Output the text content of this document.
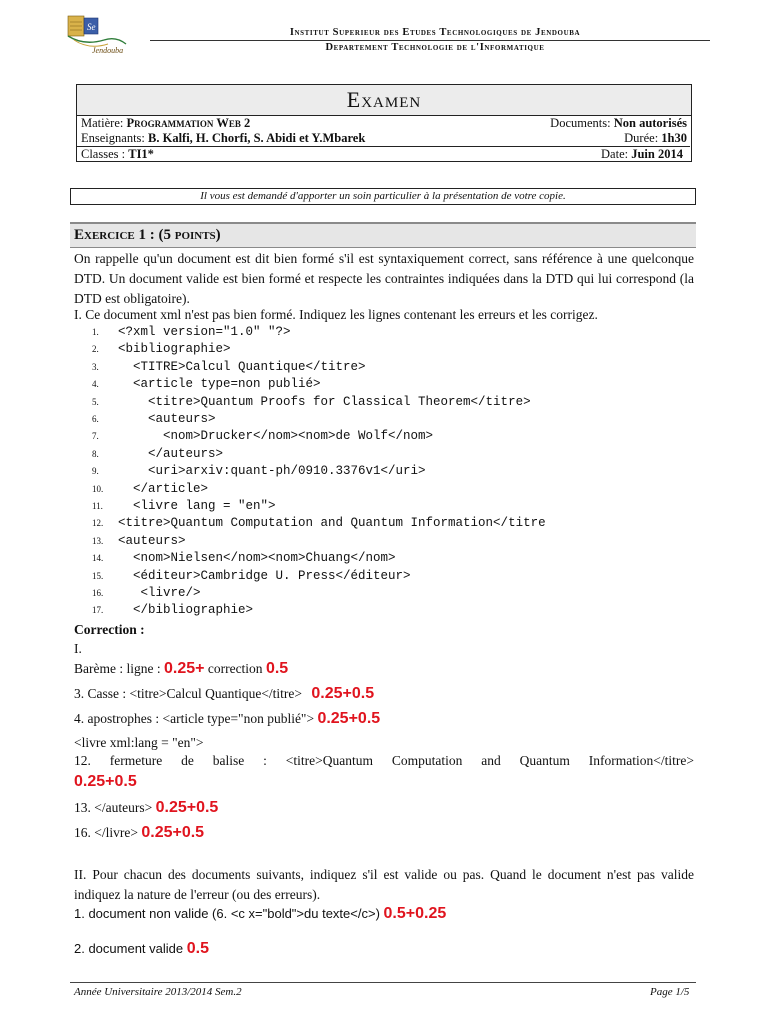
Se
Jendouba
Institut Superieur des Etudes Technologiques de Jendouba
Departement Technologie de l'Informatique
Examen
Matière: Programmation Web 2	Documents: Non autorisés
Enseignants: B. Kalfi, H. Chorfi, S. Abidi et Y.Mbarek	Durée: 1h30
Classes : TI1*	Date: Juin 2014
Il vous est demandé d'apporter un soin particulier à la présentation de votre copie.
Exercice 1 : (5 points)
On rappelle qu'un document est dit bien formé s'il est syntaxiquement correct, sans référence à une quelconque DTD. Un document valide est bien formé et respecte les contraintes indiquées dans la DTD qui lui correspond (la DTD est obligatoire).
I. Ce document xml n'est pas bien formé. Indiquez les lignes contenant les erreurs et les corrigez.
1. <?xml version="1.0" "?>
2. <bibliographie>
3.  <TITRE>Calcul Quantique</titre>
4.  <article type=non publié>
5.    <titre>Quantum Proofs for Classical Theorem</titre>
6.    <auteurs>
7.      <nom>Drucker</nom><nom>de Wolf</nom>
8.    </auteurs>
9.    <uri>arxiv:quant-ph/0910.3376v1</uri>
10.  </article>
11.  <livre lang = "en">
12. <titre>Quantum Computation and Quantum Information</titre
13. <auteurs>
14.  <nom>Nielsen</nom><nom>Chuang</nom>
15.  <éditeur>Cambridge U. Press</éditeur>
16.   <livre/>
17.  </bibliographie>
Correction :
I.
Barème : ligne : 0.25+ correction 0.5
3. Casse : <titre>Calcul Quantique</titre> 0.25+0.5
4. apostrophes : <article type="non publié"> 0.25+0.5
<livre xml:lang = "en">
12. fermeture de balise : <titre>Quantum Computation and Quantum Information</titre>
0.25+0.5
13. </auteurs> 0.25+0.5
16. </livre> 0.25+0.5
II. Pour chacun des documents suivants, indiquez s'il est valide ou pas. Quand le document n'est pas valide indiquez la nature de l'erreur (ou des erreurs).
1. document non valide (6. <c x="bold">du texte</c>) 0.5+0.25
2. document valide 0.5
Année Universitaire 2013/2014 Sem.2	Page 1/5
